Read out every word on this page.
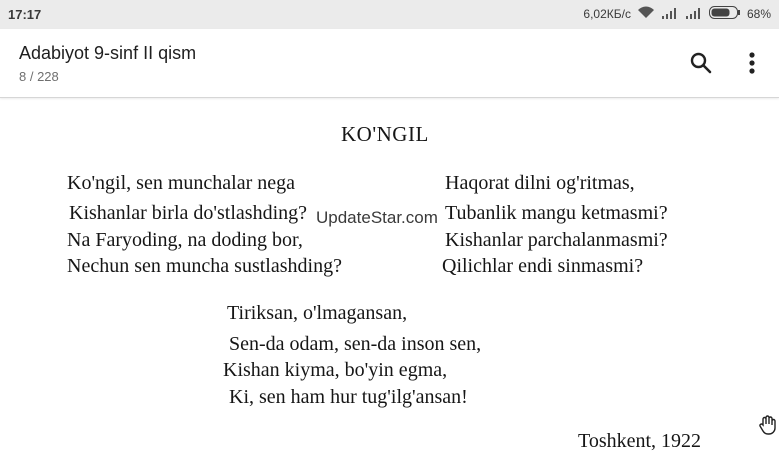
17:17	6,02КБ/с	68%
Adabiyot 9-sinf II qism
8 / 228
KO'NGIL
Ko'ngil, sen munchalar nega
Kishanlar birla do'stlashding?
Na Faryoding, na doding bor,
Nechun sen muncha sustlashding?
Haqorat dilni og'ritmas,
Tubanlik mangu ketmasmi?
Kishanlar parchalanmasmi?
Qilichlar endi sinmasmi?
Tiriksan, o'lmagansan,
Sen-da odam, sen-da inson sen,
Kishan kiyma, bo'yin egma,
Ki, sen ham hur tug'ilg'ansan!
Toshkent, 1922
UpdateStar.com
